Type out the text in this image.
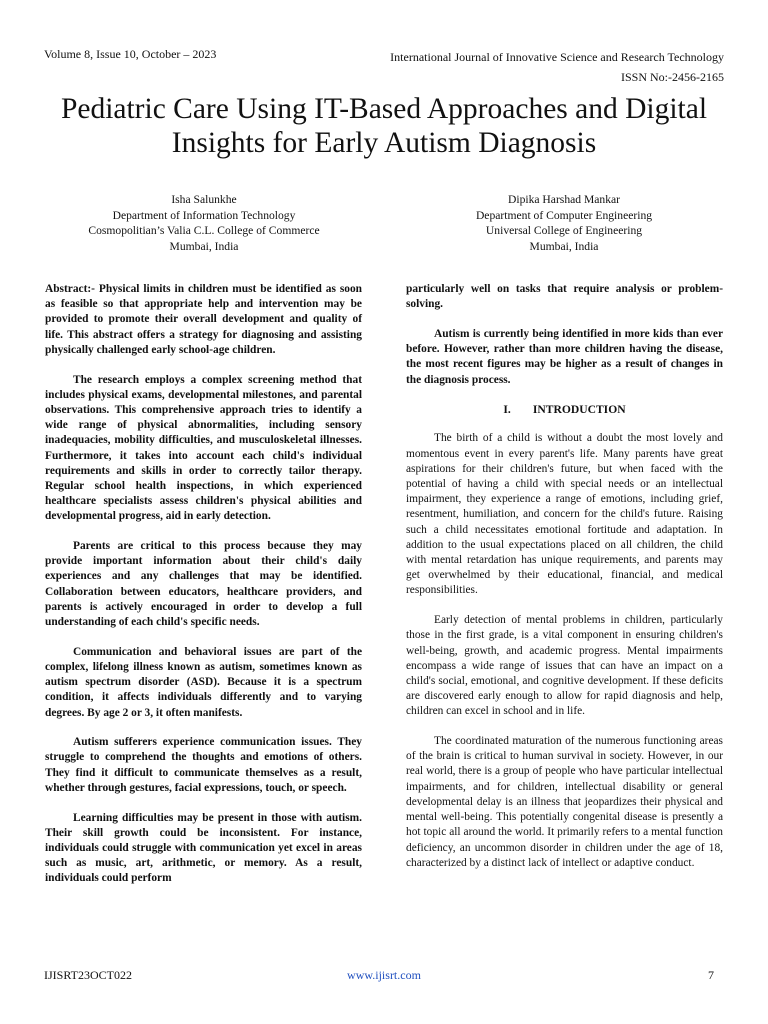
Volume 8, Issue 10, October – 2023	International Journal of Innovative Science and Research Technology
ISSN No:-2456-2165
Pediatric Care Using IT-Based Approaches and Digital
Insights for Early Autism Diagnosis
Isha Salunkhe
Department of Information Technology
Cosmopolitian’s Valia C.L. College of Commerce
Mumbai, India
Dipika Harshad Mankar
Department of Computer Engineering
Universal College of Engineering
Mumbai, India

Abstract:- Physical limits in children must be identified as soon as feasible so that appropriate help and intervention may be provided to promote their overall development and quality of life. This abstract offers a strategy for diagnosing and assisting physically challenged early school-age children.

The research employs a complex screening method that includes physical exams, developmental milestones, and parental observations. This comprehensive approach tries to identify a wide range of physical abnormalities, including sensory inadequacies, mobility difficulties, and musculoskeletal illnesses. Furthermore, it takes into account each child's individual requirements and skills in order to correctly tailor therapy. Regular school health inspections, in which experienced healthcare specialists assess children's physical abilities and developmental progress, aid in early detection.

Parents are critical to this process because they may provide important information about their child's daily experiences and any challenges that may be identified. Collaboration between educators, healthcare providers, and parents is actively encouraged in order to develop a full understanding of each child's specific needs.

Communication and behavioral issues are part of the complex, lifelong illness known as autism, sometimes known as autism spectrum disorder (ASD). Because it is a spectrum condition, it affects individuals differently and to varying degrees. By age 2 or 3, it often manifests.

Autism sufferers experience communication issues. They struggle to comprehend the thoughts and emotions of others. They find it difficult to communicate themselves as a result, whether through gestures, facial expressions, touch, or speech.

Learning difficulties may be present in those with autism. Their skill growth could be inconsistent. For instance, individuals could struggle with communication yet excel in areas such as music, art, arithmetic, or memory. As a result, individuals could perform

particularly well on tasks that require analysis or problem-solving.

Autism is currently being identified in more kids than ever before. However, rather than more children having the disease, the most recent figures may be higher as a result of changes in the diagnosis process.

I. INTRODUCTION

The birth of a child is without a doubt the most lovely and momentous event in every parent's life. Many parents have great aspirations for their children's future, but when faced with the potential of having a child with special needs or an intellectual impairment, they experience a range of emotions, including grief, resentment, humiliation, and concern for the child's future. Raising such a child necessitates emotional fortitude and adaptation. In addition to the usual expectations placed on all children, the child with mental retardation has unique requirements, and parents may get overwhelmed by their educational, financial, and medical responsibilities.

Early detection of mental problems in children, particularly those in the first grade, is a vital component in ensuring children's well-being, growth, and academic progress. Mental impairments encompass a wide range of issues that can have an impact on a child's social, emotional, and cognitive development. If these deficits are discovered early enough to allow for rapid diagnosis and help, children can excel in school and in life.

The coordinated maturation of the numerous functioning areas of the brain is critical to human survival in society. However, in our real world, there is a group of people who have particular intellectual impairments, and for children, intellectual disability or general developmental delay is an illness that jeopardizes their physical and mental well-being. This potentially congenital disease is presently a hot topic all around the world. It primarily refers to a mental function deficiency, an uncommon disorder in children under the age of 18, characterized by a distinct lack of intellect or adaptive conduct.

IJISRT23OCT022	www.ijisrt.com	7
